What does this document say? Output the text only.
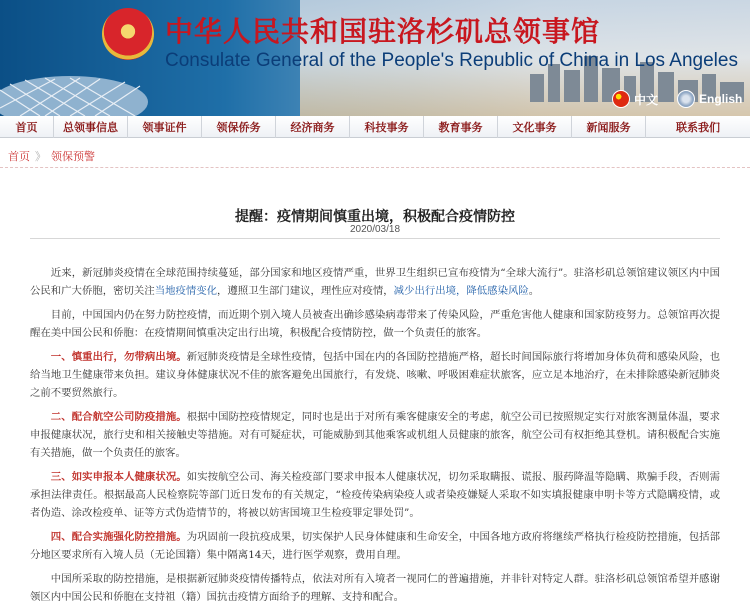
中华人民共和国驻洛杉矶总领事馆
Consulate General of the People's Republic of China in Los Angeles
中文	English
首页	总领事信息	领事证件	领保侨务	经济商务	科技事务	教育事务	文化事务	新闻服务	联系我们
首页 》 领保预警
提醒：疫情期间慎重出境，积极配合疫情防控
2020/03/18

近来，新冠肺炎疫情在全球范围持续蔓延，部分国家和地区疫情严重，世界卫生组织已宣布疫情为“全球大流行”。驻洛杉矶总领馆建议领区内中国公民和广大侨胞，密切关注当地疫情变化，遵照卫生部门建议，理性应对疫情，减少出行出境，降低感染风险。

目前，中国国内仍在努力防控疫情，而近期个别入境人员被查出确诊感染病毒带来了传染风险，严重危害他人健康和国家防疫努力。总领馆再次提醒在美中国公民和侨胞：在疫情期间慎重决定出行出境，积极配合疫情防控，做一个负责任的旅客。

一、慎重出行，勿带病出境。新冠肺炎疫情是全球性疫情，包括中国在内的各国防控措施严格，超长时间国际旅行将增加身体负荷和感染风险，也给当地卫生健康带来负担。建议身体健康状况不佳的旅客避免出国旅行，有发烧、咳嗽、呼吸困难症状旅客，应立足本地治疗，在未排除感染新冠肺炎之前不要贸然旅行。

二、配合航空公司防疫措施。根据中国防控疫情规定，同时也是出于对所有乘客健康安全的考虑，航空公司已按照规定实行对旅客测量体温，要求申报健康状况，旅行史和相关接触史等措施。对有可疑症状，可能威胁到其他乘客或机组人员健康的旅客，航空公司有权拒绝其登机。请积极配合实施有关措施，做一个负责任的旅客。

三、如实申报本人健康状况。如实按航空公司、海关检疫部门要求申报本人健康状况，切勿采取瞒报、谎报、服药降温等隐瞒、欺骗手段，否则需承担法律责任。根据最高人民检察院等部门近日发布的有关规定，“检疫传染病染疫人或者染疫嫌疑人采取不如实填报健康申明卡等方式隐瞒疫情，或者伪造、涂改检疫单、证等方式伪造情节的，将被以妨害国境卫生检疫罪定罪处罚”。

四、配合实施强化防控措施。为巩固前一段抗疫成果，切实保护人民身体健康和生命安全，中国各地方政府将继续严格执行检疫防控措施，包括部分地区要求所有入境人员（无论国籍）集中隔离14天，进行医学观察，费用自理。

中国所采取的防控措施，是根据新冠肺炎疫情传播特点，依法对所有入境者一视同仁的普遍措施，并非针对特定人群。驻洛杉矶总领馆希望并感谢领区内中国公民和侨胞在支持祖（籍）国抗击疫情方面给予的理解、支持和配合。
